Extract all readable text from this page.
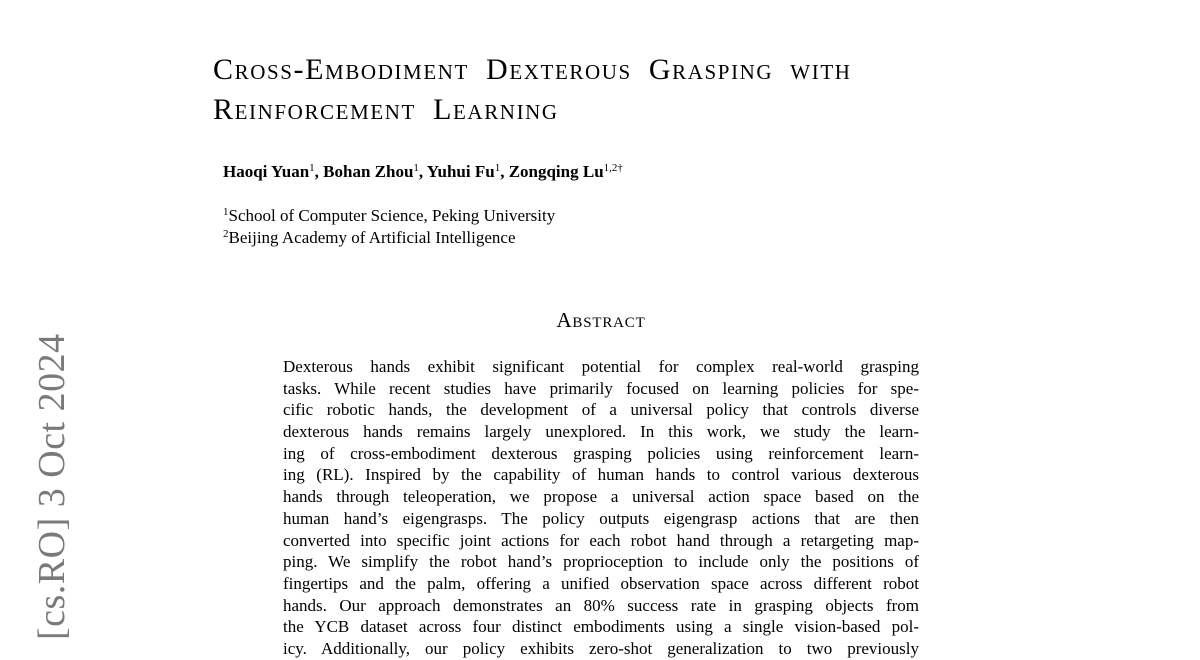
[cs.RO] 3 Oct 2024
Cross-Embodiment Dexterous Grasping with
Reinforcement Learning
Haoqi Yuan$^1$, Bohan Zhou$^1$, Yuhui Fu$^1$, Zongqing $Lu^{1,2\dagger}$
$^1$School of Computer Science, Peking University
$^2$Beijing Academy of Artificial Intelligence
Abstract
Dexterous hands exhibit significant potential for complex real-world grasping
tasks. While recent studies have primarily focused on learning policies for spe-
cific robotic hands, the development of a universal policy that controls diverse
dexterous hands remains largely unexplored. In this work, we study the learn-
ing of cross-embodiment dexterous grasping policies using reinforcement learn-
ing (RL). Inspired by the capability of human hands to control various dexterous
hands through teleoperation, we propose a universal action space based on the
human hand’s eigengrasps. The policy outputs eigengrasp actions that are then
converted into specific joint actions for each robot hand through a retargeting map-
ping. We simplify the robot hand’s proprioception to include only the positions of
fingertips and the palm, offering a unified observation space across different robot
hands. Our approach demonstrates an 80% success rate in grasping objects from
the YCB dataset across four distinct embodiments using a single vision-based pol-
icy. Additionally, our policy exhibits zero-shot generalization to two previously
